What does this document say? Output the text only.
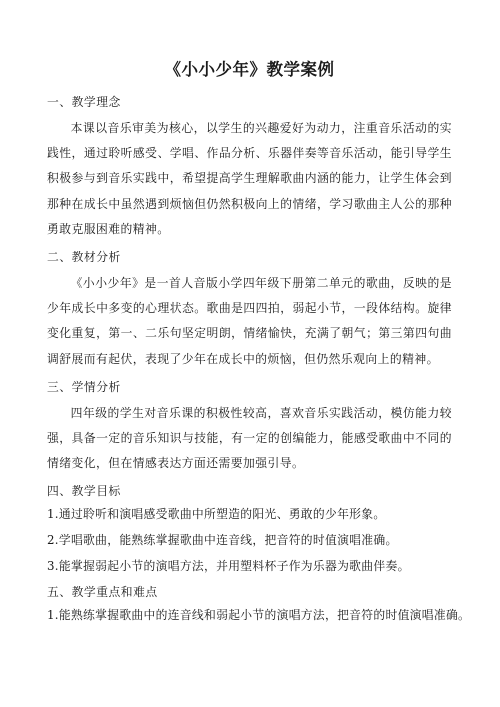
《小小少年》教学案例
一、教学理念

本课以音乐审美为核心，以学生的兴趣爱好为动力，注重音乐活动的实践性，通过聆听感受、学唱、作品分析、乐器伴奏等音乐活动，能引导学生积极参与到音乐实践中，希望提高学生理解歌曲内涵的能力，让学生体会到那种在成长中虽然遇到烦恼但仍然积极向上的情绪，学习歌曲主人公的那种勇敢克服困难的精神。

二、教材分析

《小小少年》是一首人音版小学四年级下册第二单元的歌曲，反映的是少年成长中多变的心理状态。歌曲是四四拍，弱起小节，一段体结构。旋律变化重复，第一、二乐句坚定明朗，情绪愉快，充满了朝气；第三第四句曲调舒展而有起伏，表现了少年在成长中的烦恼，但仍然乐观向上的精神。

三、学情分析

四年级的学生对音乐课的积极性较高，喜欢音乐实践活动，模仿能力较强，具备一定的音乐知识与技能，有一定的创编能力，能感受歌曲中不同的情绪变化，但在情感表达方面还需要加强引导。

四、教学目标
1.通过聆听和演唱感受歌曲中所塑造的阳光、勇敢的少年形象。
2.学唱歌曲，能熟练掌握歌曲中连音线，把音符的时值演唱准确。
3.能掌握弱起小节的演唱方法，并用塑料杯子作为乐器为歌曲伴奏。
五、教学重点和难点
1.能熟练掌握歌曲中的连音线和弱起小节的演唱方法，把音符的时值演唱准确。
